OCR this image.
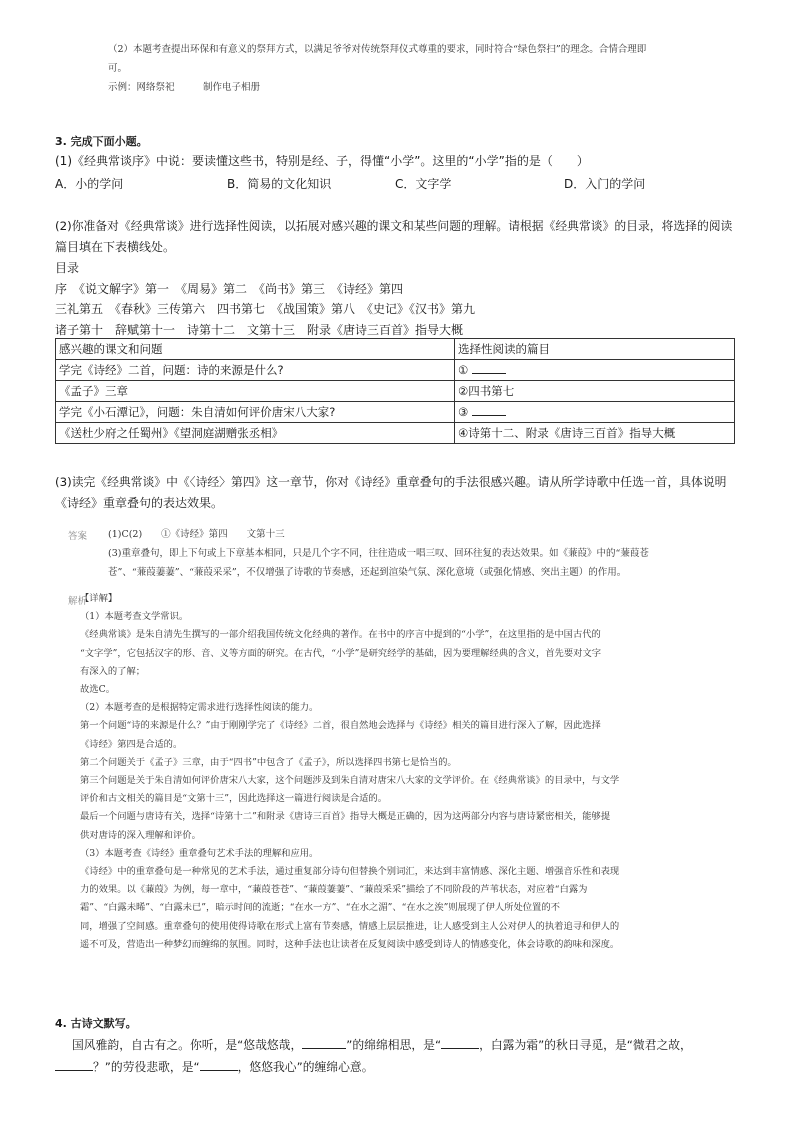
（2）本题考查提出环保和有意义的祭拜方式，以满足爷爷对传统祭拜仪式尊重的要求，同时符合“绿色祭扫”的理念。合情合理即
可。
示例：网络祭祀　　　制作电子相册
3. 完成下面小题。
(1)《经典常谈序》中说：要读懂这些书，特别是经、子，得懂“小学”。这里的“小学”指的是（　　）
A．小的学问	B．简易的文化知识	C．文字学	D．入门的学问
(2)你准备对《经典常谈》进行选择性阅读，以拓展对感兴趣的课文和某些问题的理解。请根据《经典常谈》的目录，将选择的阅读
篇目填在下表横线处。
目录
序　《说文解字》第一　《周易》第二　《尚书》第三　《诗经》第四
三礼第五　《春秋》三传第六　四书第七　《战国策》第八　《史记》《汉书》第九
诸子第十　辞赋第十一　诗第十二　文第十三　附录《唐诗三百首》指导大概
感兴趣的课文和问题	选择性阅读的篇目
学完《诗经》二首，问题：诗的来源是什么?	①
《孟子》三章	②四书第七
学完《小石潭记》，问题：朱自清如何评价唐宋八大家?	③
《送杜少府之任蜀州》《望洞庭湖赠张丞相》	④诗第十二、附录《唐诗三百首》指导大概
(3)读完《经典常谈》中《〈诗经〉第四》这一章节，你对《诗经》重章叠句的手法很感兴趣。请从所学诗歌中任选一首，具体说明
《诗经》重章叠句的表达效果。
答案 (1)C(2)　　①《诗经》第四　　文第十三
(3)重章叠句，即上下句或上下章基本相同，只是几个字不同，往往造成一唱三叹、回环往复的表达效果。如《蒹葭》中的“蒹葭苍
苍”、“蒹葭萋萋”、“蒹葭采采”，不仅增强了诗歌的节奏感，还起到渲染气氛、深化意境（或强化情感、突出主题）的作用。
解析

【详解】

（1）本题考查文学常识。

《经典常谈》是朱自清先生撰写的一部介绍我国传统文化经典的著作。在书中的序言中提到的“小学”，在这里指的是中国古代的

“文字学”，它包括汉字的形、音、义等方面的研究。在古代，“小学”是研究经学的基础，因为要理解经典的含义，首先要对文字

有深入的了解；

故选C。

（2）本题考查的是根据特定需求进行选择性阅读的能力。

第一个问题“诗的来源是什么？”由于刚刚学完了《诗经》二首，很自然地会选择与《诗经》相关的篇目进行深入了解，因此选择

《诗经》第四是合适的。

第二个问题关于《孟子》三章，由于“四书”中包含了《孟子》，所以选择四书第七是恰当的。

第三个问题是关于朱自清如何评价唐宋八大家，这个问题涉及到朱自清对唐宋八大家的文学评价。在《经典常谈》的目录中，与文学

评价和古文相关的篇目是“文第十三”，因此选择这一篇进行阅读是合适的。

最后一个问题与唐诗有关，选择“诗第十二”和附录《唐诗三百首》指导大概是正确的，因为这两部分内容与唐诗紧密相关，能够提

供对唐诗的深入理解和评价。

（3）本题考查《诗经》重章叠句艺术手法的理解和应用。

《诗经》中的重章叠句是一种常见的艺术手法，通过重复部分诗句但替换个别词汇，来达到丰富情感、深化主题、增强音乐性和表现

力的效果。以《蒹葭》为例，每一章中，“蒹葭苍苍”、“蒹葭萋萋”、“蒹葭采采”描绘了不同阶段的芦苇状态，对应着“白露为

霜”、“白露未晞”、“白露未已”，暗示时间的流逝；“在水一方”、“在水之湄”、“在水之涘”则展现了伊人所处位置的不

同，增强了空间感。重章叠句的使用使得诗歌在形式上富有节奏感，情感上层层推进，让人感受到主人公对伊人的执着追寻和伊人的

遥不可及，营造出一种梦幻而缠绵的氛围。同时，这种手法也让读者在反复阅读中感受到诗人的情感变化，体会诗歌的韵味和深度。

4. 古诗文默写。
国风雅韵，自古有之。你听，是“悠哉悠哉，	”的绵绵相思，是“	，白露为霜”的秋日寻觅，是“微君之故，
？”的劳役悲歌，是“	，悠悠我心”的缠绵心意。
